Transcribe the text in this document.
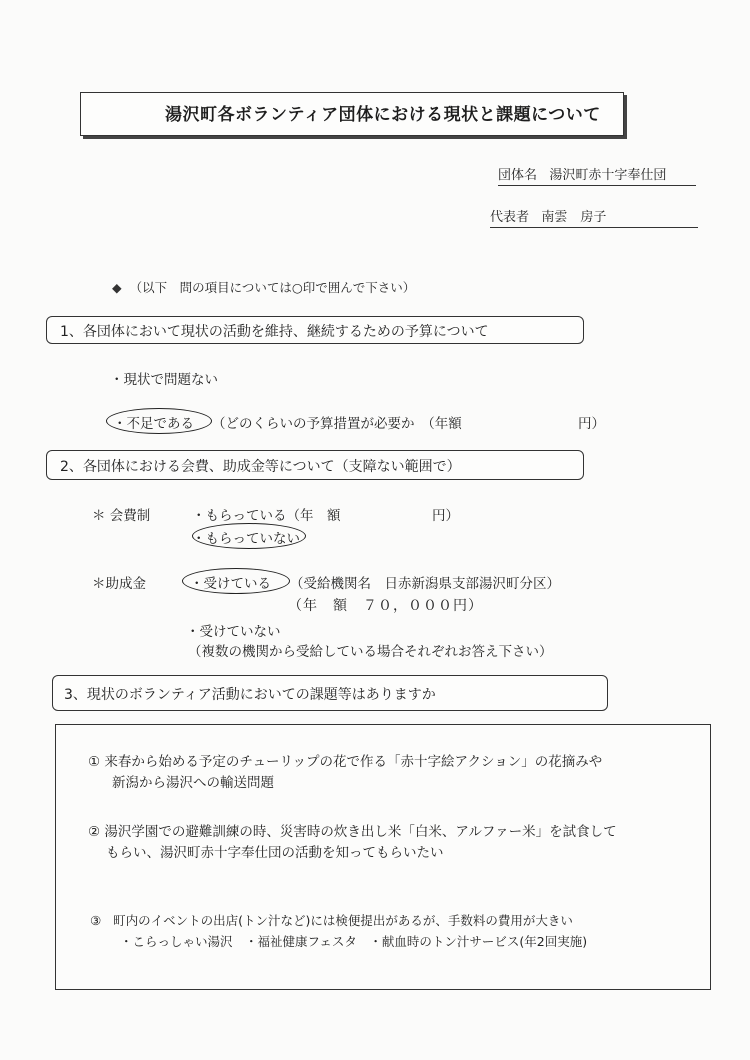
湯沢町各ボランティア団体における現状と課題について
団体名 湯沢町赤十字奉仕団
代表者 南雲　房子
◆ （以下　問の項目については○印で囲んで下さい）
1、各団体において現状の活動を維持、継続するための予算について
・現状で問題ない
・不足である （どのくらいの予算措置が必要か　（年額	円）
2、各団体における会費、助成金等について（支障ない範囲で）
＊ 会費制	・もらっている（年　額	円）
・もらっていない
＊助成金	・受けている （受給機関名　日赤新潟県支部湯沢町分区）
（年　額　７０，０００円）
・受けていない
（複数の機関から受給している場合それぞれお答え下さい）
3、現状のボランティア活動においての課題等はありますか
① 来春から始める予定のチューリップの花で作る「赤十字絵アクション」の花摘みや
新潟から湯沢への輸送問題
② 湯沢学園での避難訓練の時、災害時の炊き出し米「白米、アルファー米」を試食して
もらい、湯沢町赤十字奉仕団の活動を知ってもらいたい
③ 町内のイベントの出店(トン汁など)には検便提出があるが、手数料の費用が大きい
・こらっしゃい湯沢　・福祉健康フェスタ　・献血時のトン汁サービス(年2回実施)
